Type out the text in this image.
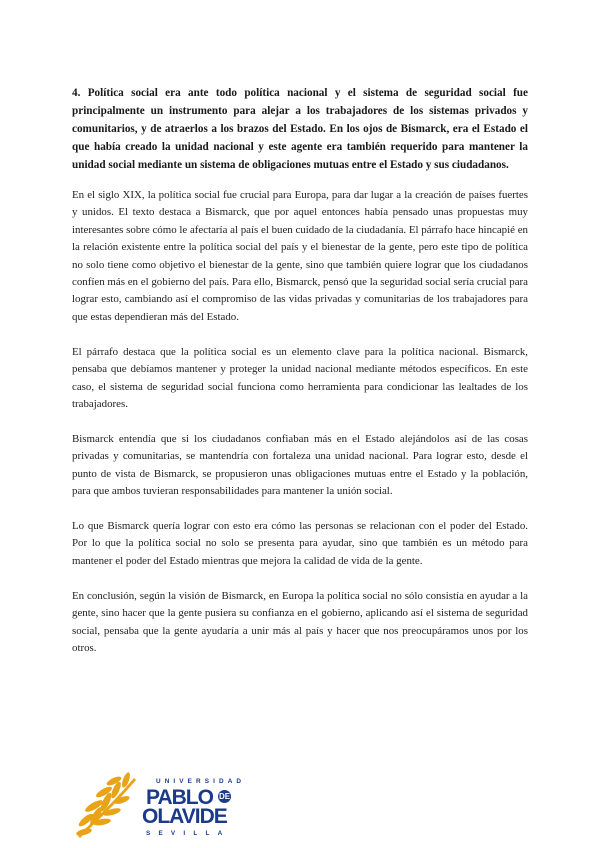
4. Política social era ante todo política nacional y el sistema de seguridad social fue principalmente un instrumento para alejar a los trabajadores de los sistemas privados y comunitarios, y de atraerlos a los brazos del Estado. En los ojos de Bismarck, era el Estado el que había creado la unidad nacional y este agente era también requerido para mantener la unidad social mediante un sistema de obligaciones mutuas entre el Estado y sus ciudadanos.

En el siglo XIX, la política social fue crucial para Europa, para dar lugar a la creación de países fuertes y unidos. El texto destaca a Bismarck, que por aquel entonces había pensado unas propuestas muy interesantes sobre cómo le afectaría al país el buen cuidado de la ciudadanía. El párrafo hace hincapié en la relación existente entre la política social del país y el bienestar de la gente, pero este tipo de política no solo tiene como objetivo el bienestar de la gente, sino que también quiere lograr que los ciudadanos confíen más en el gobierno del país. Para ello, Bismarck, pensó que la seguridad social sería crucial para lograr esto, cambiando así el compromiso de las vidas privadas y comunitarias de los trabajadores para que estas dependieran más del Estado.

El párrafo destaca que la política social es un elemento clave para la política nacional. Bismarck, pensaba que debíamos mantener y proteger la unidad nacional mediante métodos específicos. En este caso, el sistema de seguridad social funciona como herramienta para condicionar las lealtades de los trabajadores.

Bismarck entendía que si los ciudadanos confiaban más en el Estado alejándolos así de las cosas privadas y comunitarias, se mantendría con fortaleza una unidad nacional. Para lograr esto, desde el punto de vista de Bismarck, se propusieron unas obligaciones mutuas entre el Estado y la población, para que ambos tuvieran responsabilidades para mantener la unión social.

Lo que Bismarck quería lograr con esto era cómo las personas se relacionan con el poder del Estado. Por lo que la política social no solo se presenta para ayudar, sino que también es un método para mantener el poder del Estado mientras que mejora la calidad de vida de la gente.

En conclusión, según la visión de Bismarck, en Europa la política social no sólo consistía en ayudar a la gente, sino hacer que la gente pusiera su confianza en el gobierno, aplicando así el sistema de seguridad social, pensaba que la gente ayudaría a unir más al país y hacer que nos preocupáramos unos por los otros.

UNIVERSIDAD
PABLO DE
OLAVIDE
SEVILLA
